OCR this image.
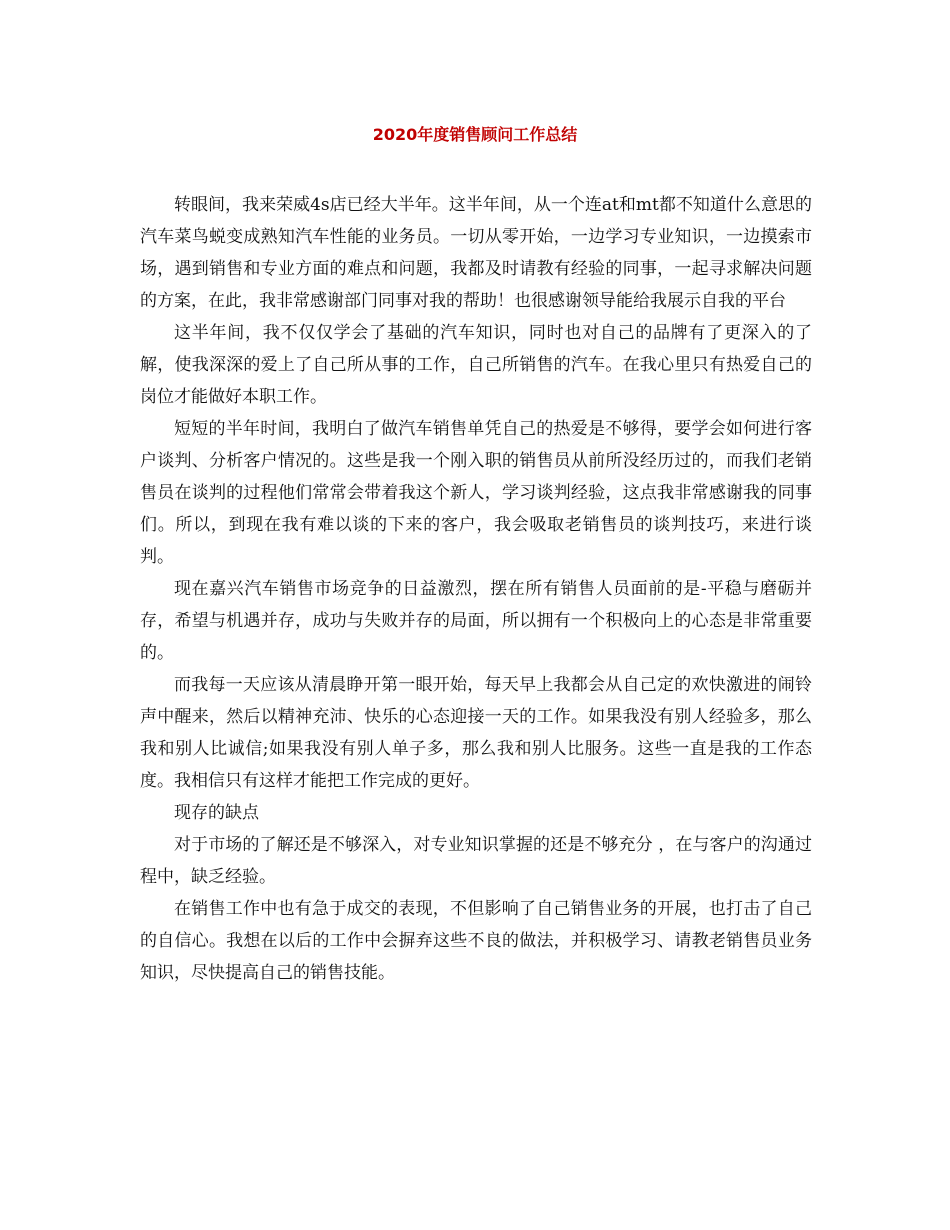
2020年度销售顾问工作总结

转眼间，我来荣威4s店已经大半年。这半年间，从一个连at和mt都不知道什么意思的汽车菜鸟蜕变成熟知汽车性能的业务员。一切从零开始，一边学习专业知识，一边摸索市场，遇到销售和专业方面的难点和问题，我都及时请教有经验的同事，一起寻求解决问题的方案，在此，我非常感谢部门同事对我的帮助！也很感谢领导能给我展示自我的平台

这半年间，我不仅仅学会了基础的汽车知识，同时也对自己的品牌有了更深入的了解，使我深深的爱上了自己所从事的工作，自己所销售的汽车。在我心里只有热爱自己的岗位才能做好本职工作。

短短的半年时间，我明白了做汽车销售单凭自己的热爱是不够得，要学会如何进行客户谈判、分析客户情况的。这些是我一个刚入职的销售员从前所没经历过的，而我们老销售员在谈判的过程他们常常会带着我这个新人，学习谈判经验，这点我非常感谢我的同事们。所以，到现在我有难以谈的下来的客户，我会吸取老销售员的谈判技巧，来进行谈判。

现在嘉兴汽车销售市场竞争的日益激烈，摆在所有销售人员面前的是-平稳与磨砺并存，希望与机遇并存，成功与失败并存的局面，所以拥有一个积极向上的心态是非常重要的。

而我每一天应该从清晨睁开第一眼开始，每天早上我都会从自己定的欢快激进的闹铃声中醒来，然后以精神充沛、快乐的心态迎接一天的工作。如果我没有别人经验多，那么我和别人比诚信;如果我没有别人单子多，那么我和别人比服务。这些一直是我的工作态度。我相信只有这样才能把工作完成的更好。

现存的缺点

对于市场的了解还是不够深入，对专业知识掌握的还是不够充分 ，在与客户的沟通过程中，缺乏经验。

在销售工作中也有急于成交的表现，不但影响了自己销售业务的开展，也打击了自己的自信心。我想在以后的工作中会摒弃这些不良的做法，并积极学习、请教老销售员业务知识，尽快提高自己的销售技能。
